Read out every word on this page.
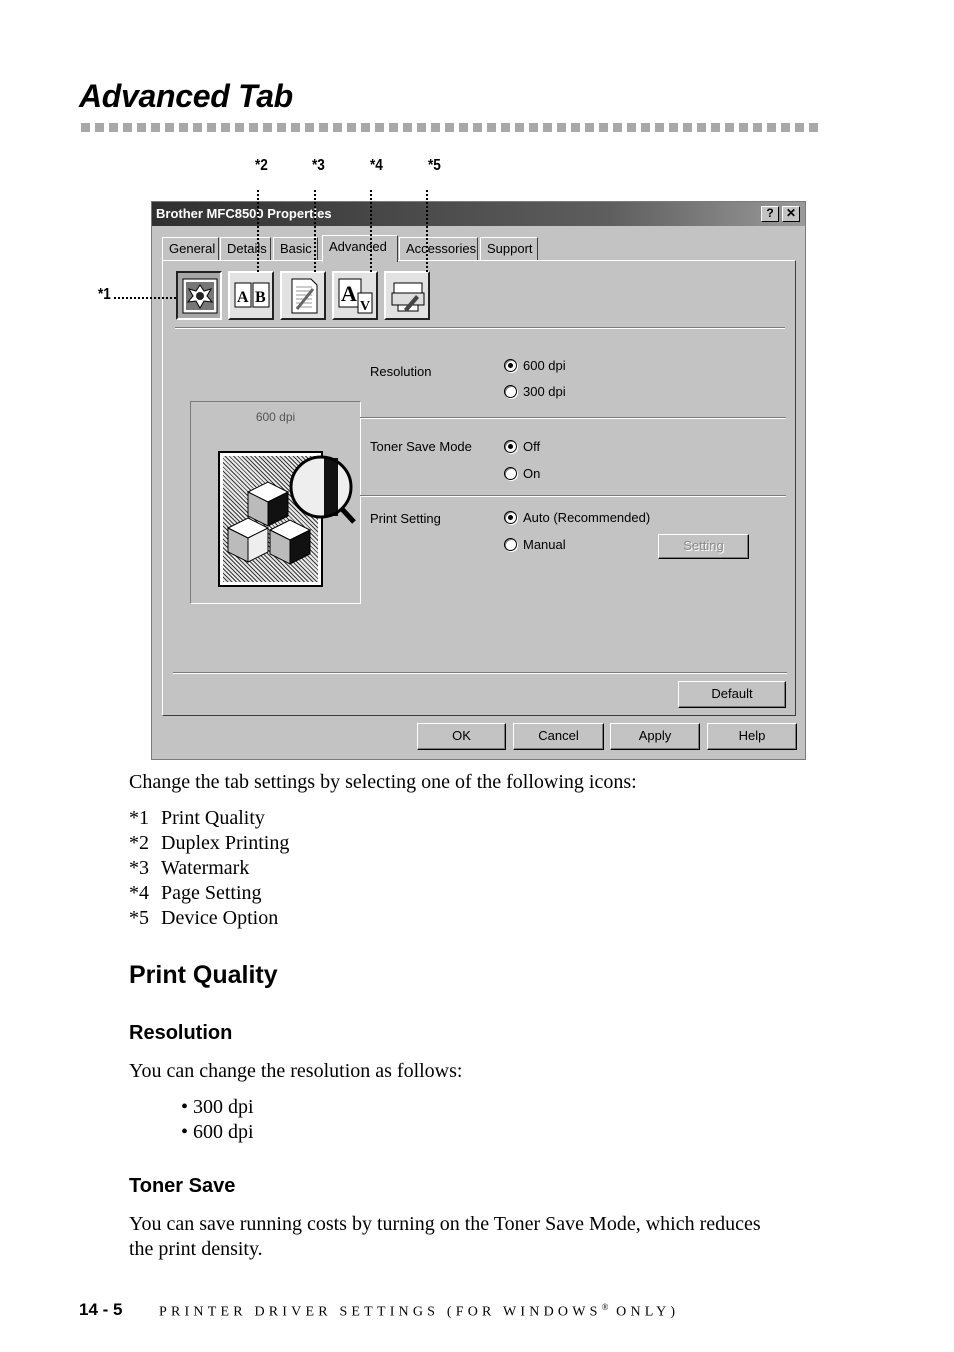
Advanced Tab
*2	*3	*4	*5
*1
Brother MFC8500 Properties	?	✕
General Details	Basic	Advanced	Accessories Support
A B	A
V
600 dpi
Resolution	600 dpi
300 dpi
Toner Save Mode	Off
On
Print Setting	Auto (Recommended)
Manual	Setting
Default
OK	Cancel	Apply	Help
Change the tab settings by selecting one of the following icons:
*1 Print Quality
*2 Duplex Printing
*3 Watermark
*4 Page Setting
*5 Device Option
Print Quality
Resolution
You can change the resolution as follows:
• 300 dpi
• 600 dpi
Toner Save
You can save running costs by turning on the Toner Save Mode, which reduces
the print density.
14 - 5	PRINTER DRIVER SETTINGS (FOR WINDOWS® ONLY)
